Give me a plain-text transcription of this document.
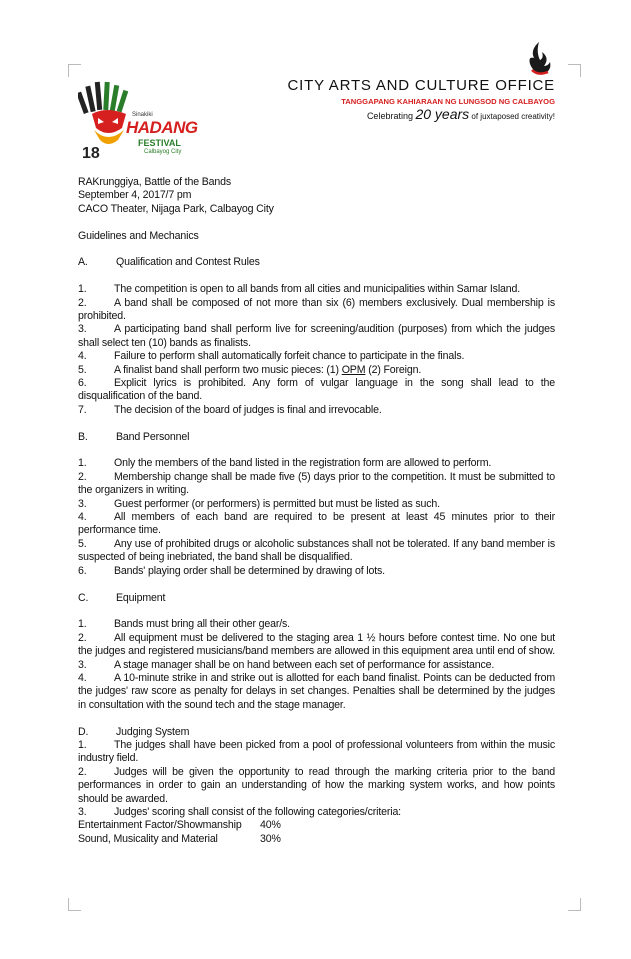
Sinakiki
HADANG
FESTIVAL
Calbayog City
18
CITY ARTS AND CULTURE OFFICE
TANGGAPANG KAHIARAAN NG LUNGSOD NG CALBAYOG
Celebrating 20 years of juxtaposed creativity!
RAKrunggiya, Battle of the Bands
September 4, 2017/7 pm
CACO Theater, Nijaga Park, Calbayog City
Guidelines and Mechanics
A.	Qualification and Contest Rules
1.	The competition is open to all bands from all cities and municipalities within Samar Island.
2.	A band shall be composed of not more than six (6) members exclusively. Dual membership is prohibited.
3.	A participating band shall perform live for screening/audition (purposes) from which the judges shall select ten (10) bands as finalists.
4.	Failure to perform shall automatically forfeit chance to participate in the finals.
5.	A finalist band shall perform two music pieces: (1) OPM (2) Foreign.
6.	Explicit lyrics is prohibited. Any form of vulgar language in the song shall lead to the disqualification of the band.
7.	The decision of the board of judges is final and irrevocable.
B.	Band Personnel
1.	Only the members of the band listed in the registration form are allowed to perform.
2.	Membership change shall be made five (5) days prior to the competition. It must be submitted to the organizers in writing.
3.	Guest performer (or performers) is permitted but must be listed as such.
4.	All members of each band are required to be present at least 45 minutes prior to their performance time.
5.	Any use of prohibited drugs or alcoholic substances shall not be tolerated. If any band member is suspected of being inebriated, the band shall be disqualified.
6.	Bands' playing order shall be determined by drawing of lots.
C.	Equipment
1.	Bands must bring all their other gear/s.
2.	All equipment must be delivered to the staging area 1 ½ hours before contest time. No one but the judges and registered musicians/band members are allowed in this equipment area until end of show.
3.	A stage manager shall be on hand between each set of performance for assistance.
4.	A 10-minute strike in and strike out is allotted for each band finalist. Points can be deducted from the judges' raw score as penalty for delays in set changes. Penalties shall be determined by the judges in consultation with the sound tech and the stage manager.
D.	Judging System
1.	The judges shall have been picked from a pool of professional volunteers from within the music industry field.
2.	Judges will be given the opportunity to read through the marking criteria prior to the band performances in order to gain an understanding of how the marking system works, and how points should be awarded.
3.	Judges' scoring shall consist of the following categories/criteria:
Entertainment Factor/Showmanship	40%
Sound, Musicality and Material	30%
